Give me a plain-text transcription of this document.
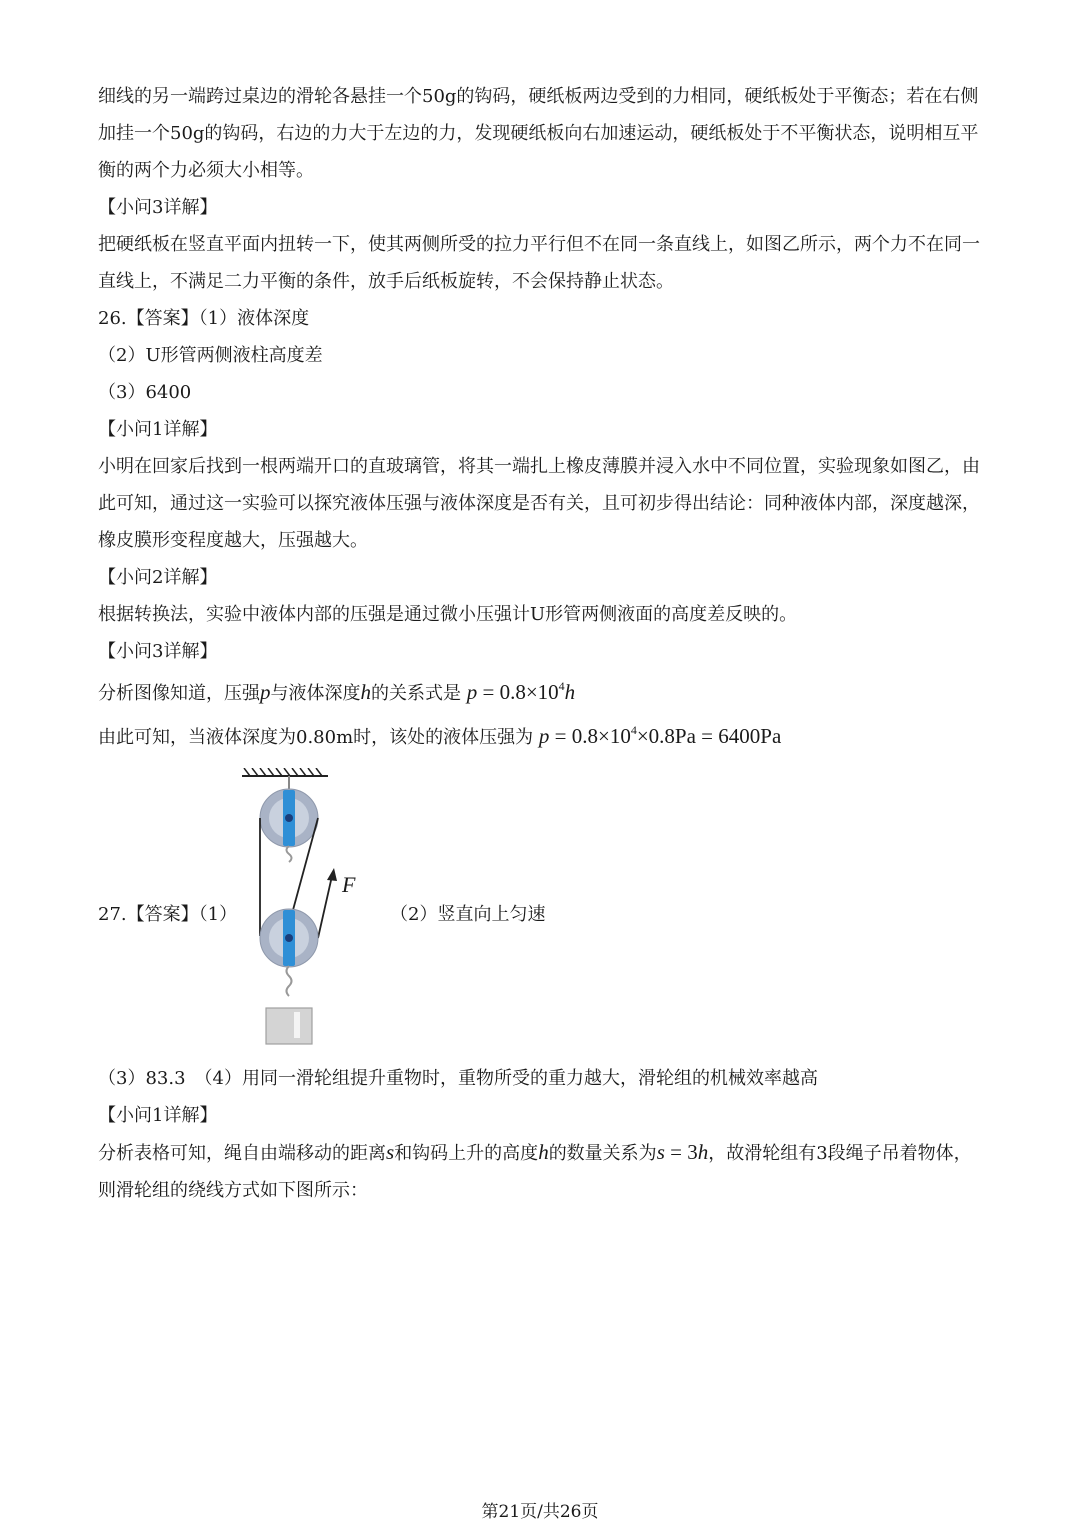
细线的另一端跨过桌边的滑轮各悬挂一个50g的钩码，硬纸板两边受到的力相同，硬纸板处于平衡态；若在右侧加挂一个50g的钩码，右边的力大于左边的力，发现硬纸板向右加速运动，硬纸板处于不平衡状态，说明相互平衡的两个力必须大小相等。
【小问3详解】
把硬纸板在竖直平面内扭转一下，使其两侧所受的拉力平行但不在同一条直线上，如图乙所示，两个力不在同一直线上，不满足二力平衡的条件，放手后纸板旋转，不会保持静止状态。
26.【答案】（1）液体深度
（2）U形管两侧液柱高度差
（3）6400
【小问1详解】
小明在回家后找到一根两端开口的直玻璃管，将其一端扎上橡皮薄膜并浸入水中不同位置，实验现象如图乙，由此可知，通过这一实验可以探究液体压强与液体深度是否有关，且可初步得出结论：同种液体内部，深度越深，橡皮膜形变程度越大，压强越大。
【小问2详解】
根据转换法，实验中液体内部的压强是通过微小压强计U形管两侧液面的高度差反映的。
【小问3详解】
分析图像知道，压强p与液体深度h的关系式是 $p = 0.8\times 10^4h$
由此可知，当液体深度为0.80m时，该处的液体压强为 $p = 0.8\times 10^4\times 0.8Pa = 6400Pa$
27.【答案】（1）
F
（2）竖直向上匀速
（3）83.3　（4）用同一滑轮组提升重物时，重物所受的重力越大，滑轮组的机械效率越高
【小问1详解】
分析表格可知，绳自由端移动的距离s和钩码上升的高度h的数量关系为s = 3h，故滑轮组有3段绳子吊着物体，则滑轮组的绕线方式如下图所示：
第21页/共26页
